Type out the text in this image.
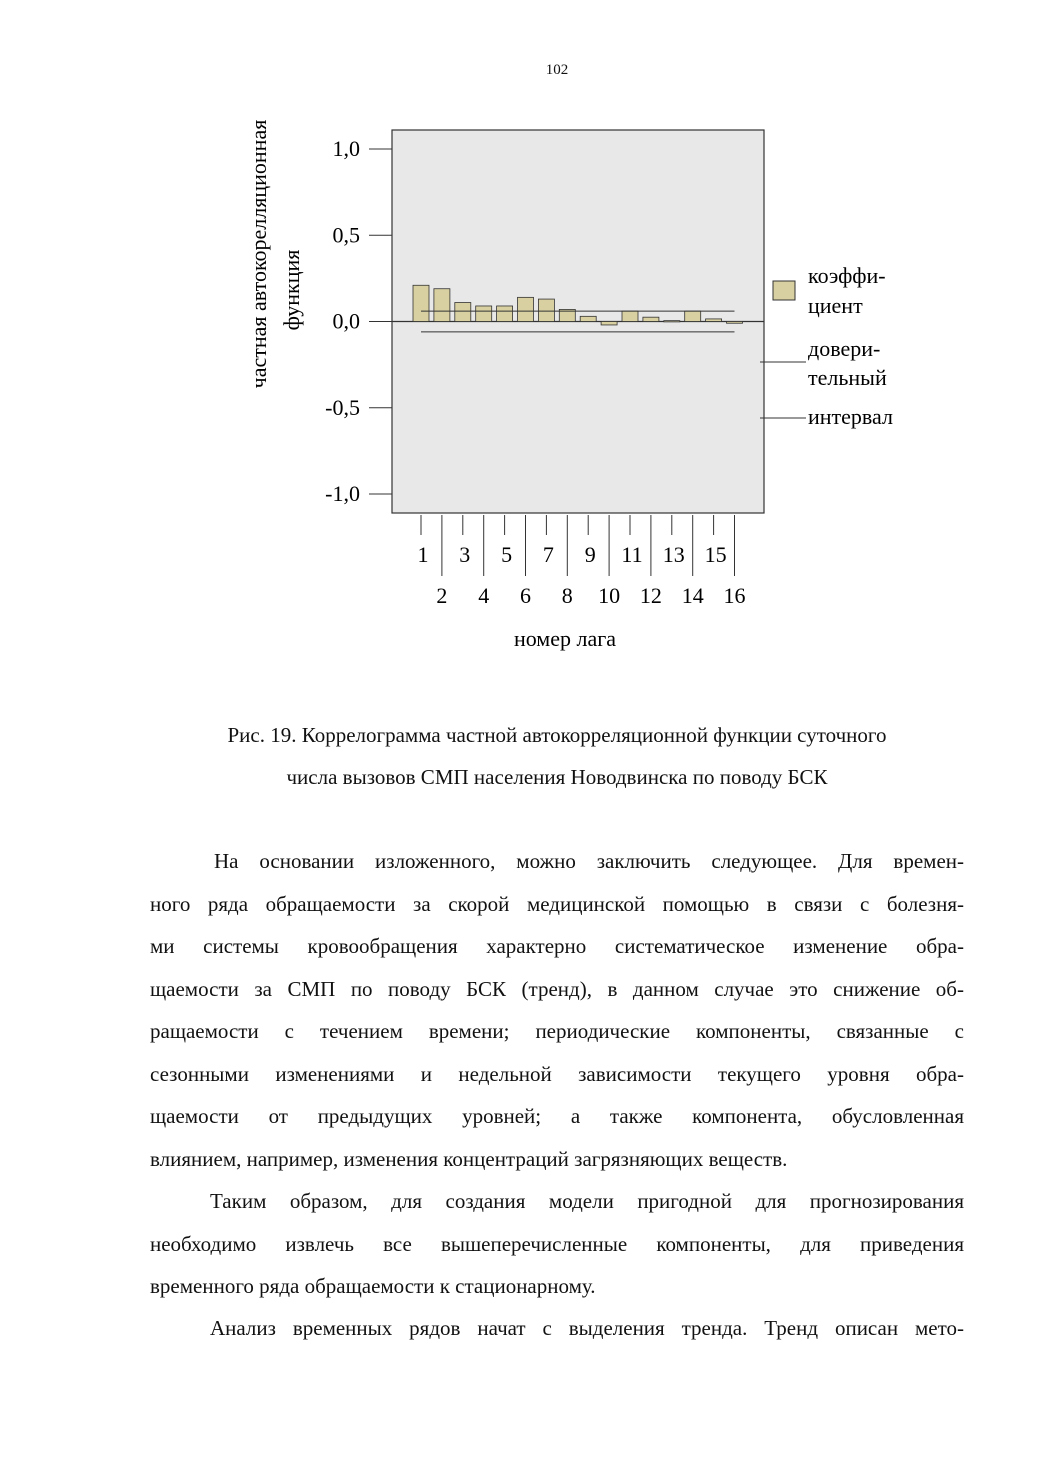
102
частная автокорелляционная функция
1,0
0,5
0,0
-0,5
-1,0
1
2
3
4
5
6
7
8
9
10
11
12
13
14
15
16
номер лага
коэффи-
циент
довери-
тельный
интервал
Рис. 19. Коррелограмма частной автокорреляционной функции суточного
числа вызовов СМП населения Новодвинска по поводу БСК
На основании изложенного, можно заключить следующее. Для времен-
ного ряда обращаемости за скорой медицинской помощью в связи с болезня-
ми системы кровообращения характерно систематическое изменение обра-
щаемости за СМП по поводу БСК (тренд), в данном случае это снижение об-
ращаемости с течением времени; периодические компоненты, связанные с
сезонными изменениями и недельной зависимости текущего уровня обра-
щаемости от предыдущих уровней; а также компонента, обусловленная
влиянием, например, изменения концентраций загрязняющих веществ.
Таким образом, для создания модели пригодной для прогнозирования
необходимо извлечь все вышеперечисленные компоненты, для приведения
временного ряда обращаемости к стационарному.
Анализ временных рядов начат с выделения тренда. Тренд описан мето-
